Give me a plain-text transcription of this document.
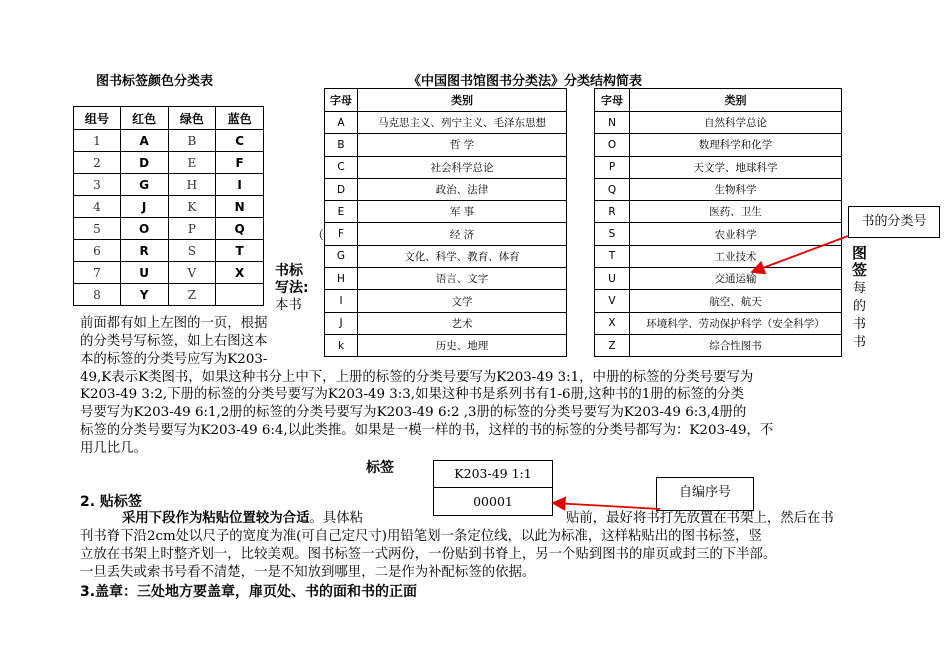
图书标签颜色分类表
组号	红色	绿色	蓝色
1	A	B	C
2	D	E	F
3	G	H	I
4	J	K	N
5	O	P	Q
6	R	S	T
7	U	V	X
8	Y	Z	
《中国图书馆图书分类法》分类结构简表
字母	类别
A	马克思主义、列宁主义、毛泽东思想
B	哲 学
C	社会科学总论
D	政治、法律
E	军 事
F	经 济
G	文化、科学、教育、体育
H	语言、文字
I	文学
J	艺术
k	历史、地理
字母	类别
N	自然科学总论
O	数理科学和化学
P	天文学、地球科学
Q	生物科学
R	医药、卫生
S	农业科学
T	工业技术
U	交通运输
V	航空、航天
X	环境科学、劳动保护科学（安全科学）
Z	综合性图书
书的分类号
（
图
签
每
的
书
书
书标
写法:
本书
前面都有如上左图的一页，根据
的分类号写标签，如上右图这本
本的标签的分类号应写为K203-
49,K表示K类图书，如果这种书分上中下，上册的标签的分类号要写为K203-49 3:1，中册的标签的分类号要写为
K203-49 3:2,下册的标签的分类号要写为K203-49 3:3,如果这种书是系列书有1-6册,这种书的1册的标签的分类
号要写为K203-49 6:1,2册的标签的分类号要写为K203-49 6:2 ,3册的标签的分类号要写为K203-49 6:3,4册的
标签的分类号要写为K203-49 6:4,以此类推。如果是一模一样的书，这样的书的标签的分类号都写为：K203-49，不
用几比几。
标签	K203-49 1:1
00001
2. 贴标签
采用下段作为粘贴位置较为合适。具体粘	贴前，最好将书打先放置在书架上，然后在书
刊书脊下沿2cm处以尺子的宽度为准(可自己定尺寸)用铅笔划一条定位线，以此为标准，这样粘贴出的图书标签，竖
立放在书架上时整齐划一，比较美观。图书标签一式两份，一份贴到书脊上，另一个贴到图书的扉页或封三的下半部。
一旦丢失或索书号看不清楚，一是不知放到哪里，二是作为补配标签的依据。
自编序号
3.盖章：三处地方要盖章，扉页处、书的面和书的正面
